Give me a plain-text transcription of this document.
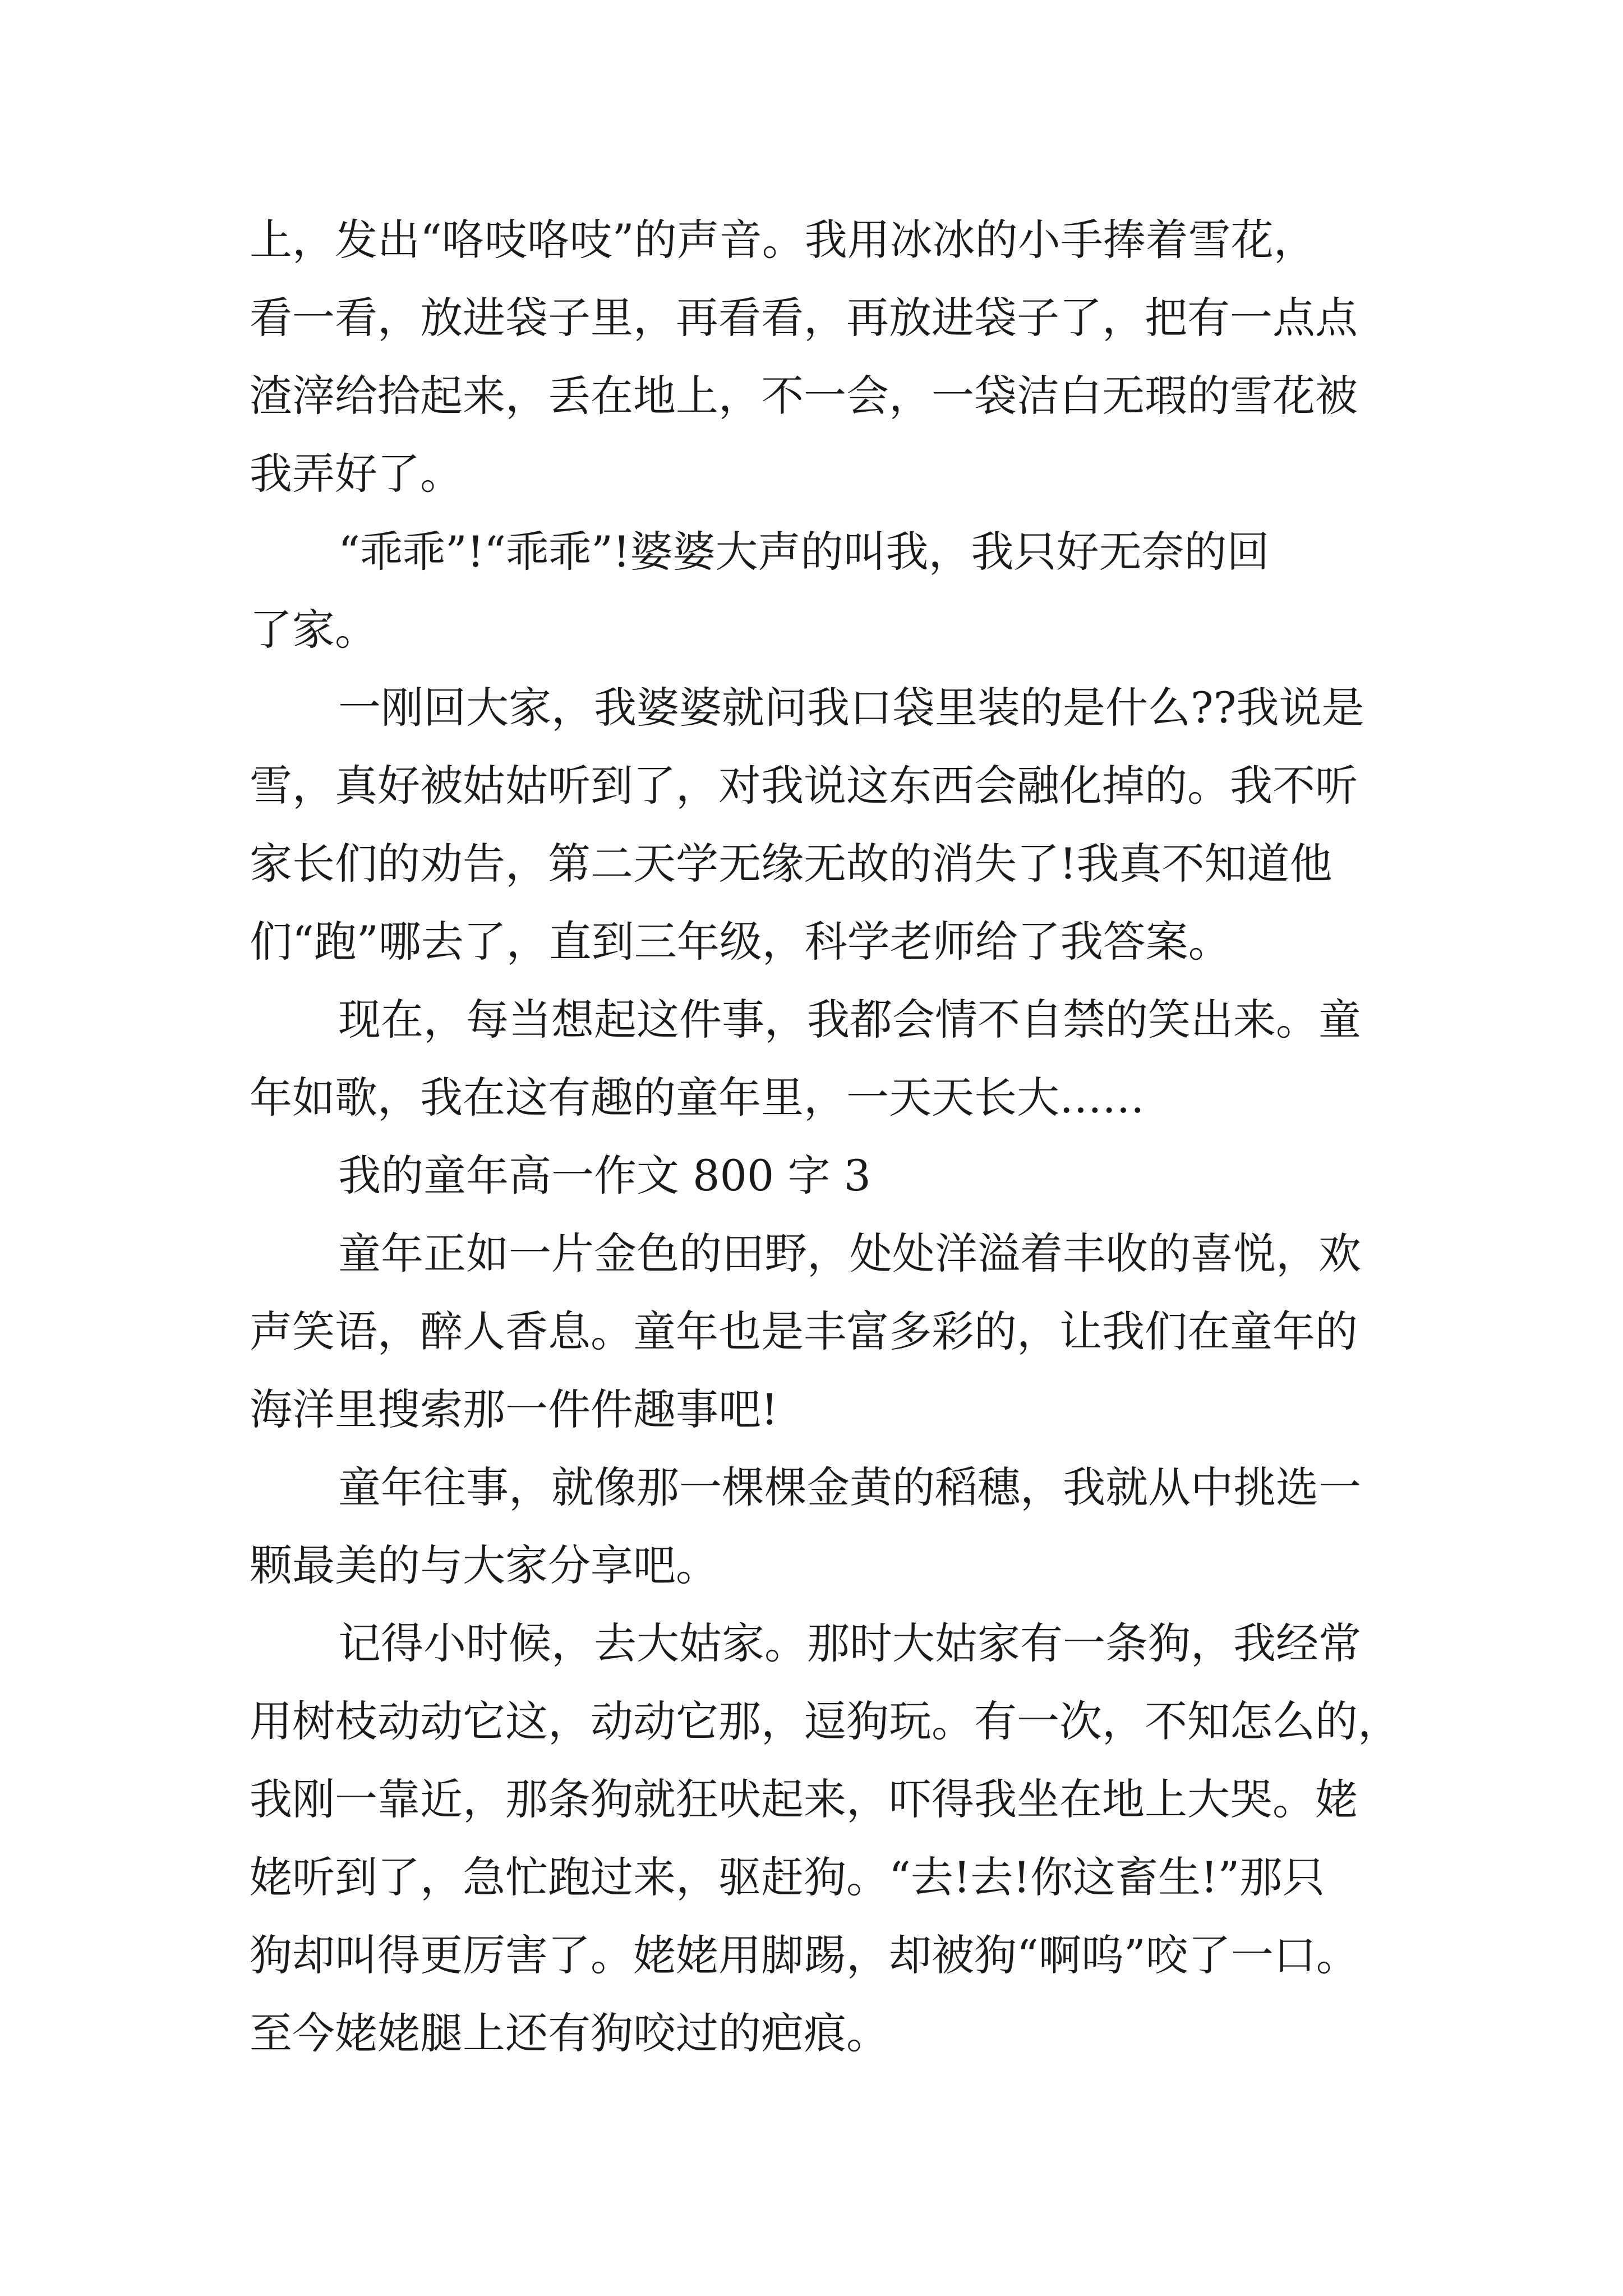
上，发出“咯吱咯吱”的声音。我用冰冰的小手捧着雪花，
看一看，放进袋子里，再看看，再放进袋子了，把有一点点
渣滓给拾起来，丢在地上，不一会，一袋洁白无瑕的雪花被
我弄好了。
“乖乖”!“乖乖”!婆婆大声的叫我，我只好无奈的回
了家。
一刚回大家，我婆婆就问我口袋里装的是什么??我说是
雪，真好被姑姑听到了，对我说这东西会融化掉的。我不听
家长们的劝告，第二天学无缘无故的消失了!我真不知道他
们“跑”哪去了，直到三年级，科学老师给了我答案。
现在，每当想起这件事，我都会情不自禁的笑出来。童
年如歌，我在这有趣的童年里，一天天长大……
我的童年高一作文 800 字 3
童年正如一片金色的田野，处处洋溢着丰收的喜悦，欢
声笑语，醉人香息。童年也是丰富多彩的，让我们在童年的
海洋里搜索那一件件趣事吧!
童年往事，就像那一棵棵金黄的稻穗，我就从中挑选一
颗最美的与大家分享吧。
记得小时候，去大姑家。那时大姑家有一条狗，我经常
用树枝动动它这，动动它那，逗狗玩。有一次，不知怎么的，
我刚一靠近，那条狗就狂吠起来，吓得我坐在地上大哭。姥
姥听到了，急忙跑过来，驱赶狗。“去!去!你这畜生!”那只
狗却叫得更厉害了。姥姥用脚踢，却被狗“啊呜”咬了一口。
至今姥姥腿上还有狗咬过的疤痕。
